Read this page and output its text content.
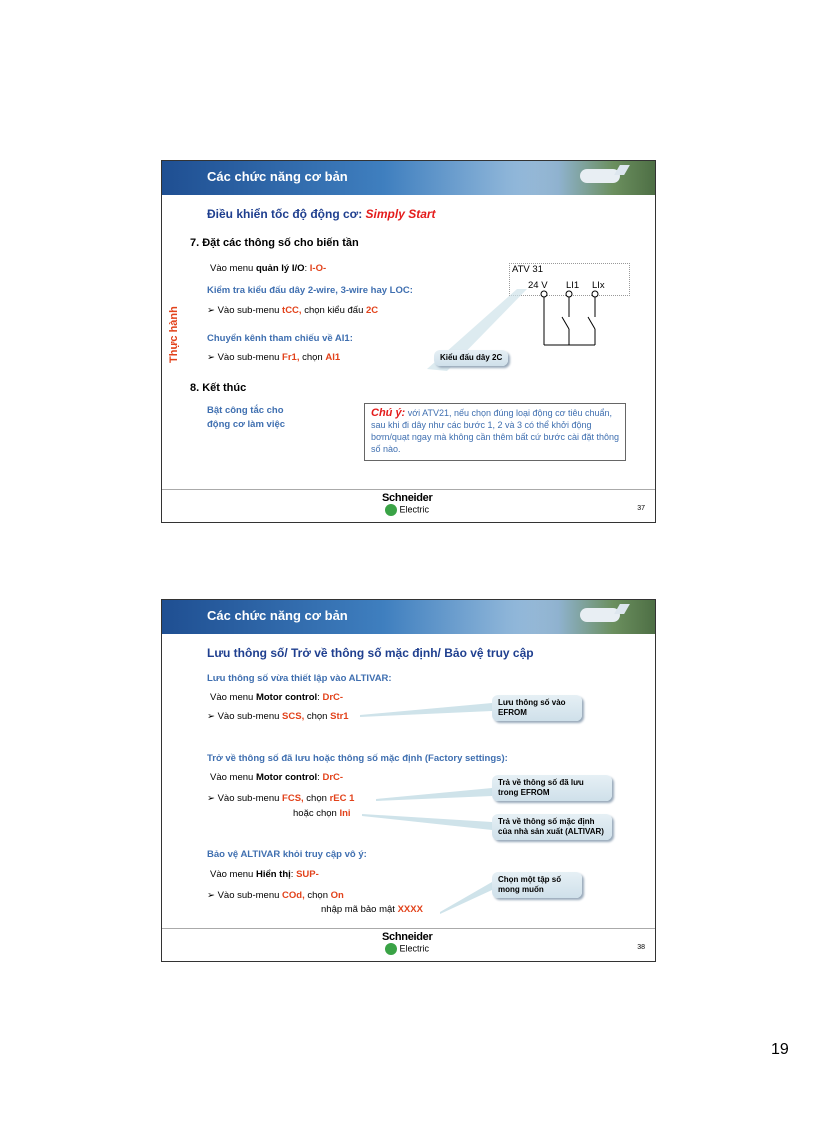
Các chức năng cơ bản
Điều khiển tốc độ động cơ: Simply Start
Thực hành
7. Đặt các thông số cho biến tần
Vào menu quản lý I/O: I-O-
Kiểm tra kiểu đấu dây 2-wire, 3-wire hay LOC:
➢ Vào sub-menu tCC, chọn kiểu đấu 2C
Chuyển kênh tham chiếu về AI1:
➢ Vào sub-menu Fr1, chọn AI1
ATV 31
24 V LI1 LIx
Kiểu đấu dây 2C
8. Kết thúc
Bật công tắc cho
động cơ làm việc
Chú ý: với ATV21, nếu chọn đúng loại động cơ tiêu chuẩn, sau khi đi dây như các bước 1, 2 và 3 có thể khởi động bơm/quạt ngay mà không cần thêm bất cứ bước cài đặt thông số nào.
Schneider
Electric	37
Các chức năng cơ bản
Lưu thông số/ Trở về thông số mặc định/ Bảo vệ truy cập
Lưu thông số vừa thiết lập vào ALTIVAR:
Vào menu Motor control: DrC-
➢ Vào sub-menu SCS, chọn Str1
Lưu thông số vào EFROM
Trở về thông số đã lưu hoặc thông số mặc định (Factory settings):
Vào menu Motor control: DrC-
➢ Vào sub-menu FCS, chọn rEC 1
hoặc chọn Ini
Trả về thông số đã lưu trong EFROM
Trả về thông số mặc định của nhà sản xuất (ALTIVAR)
Bảo vệ ALTIVAR khỏi truy cập vô ý:
Vào menu Hiển thị: SUP-
➢ Vào sub-menu COd, chọn On
nhập mã bảo mật XXXX
Chọn một tập số mong muốn
Schneider
Electric	38
19
